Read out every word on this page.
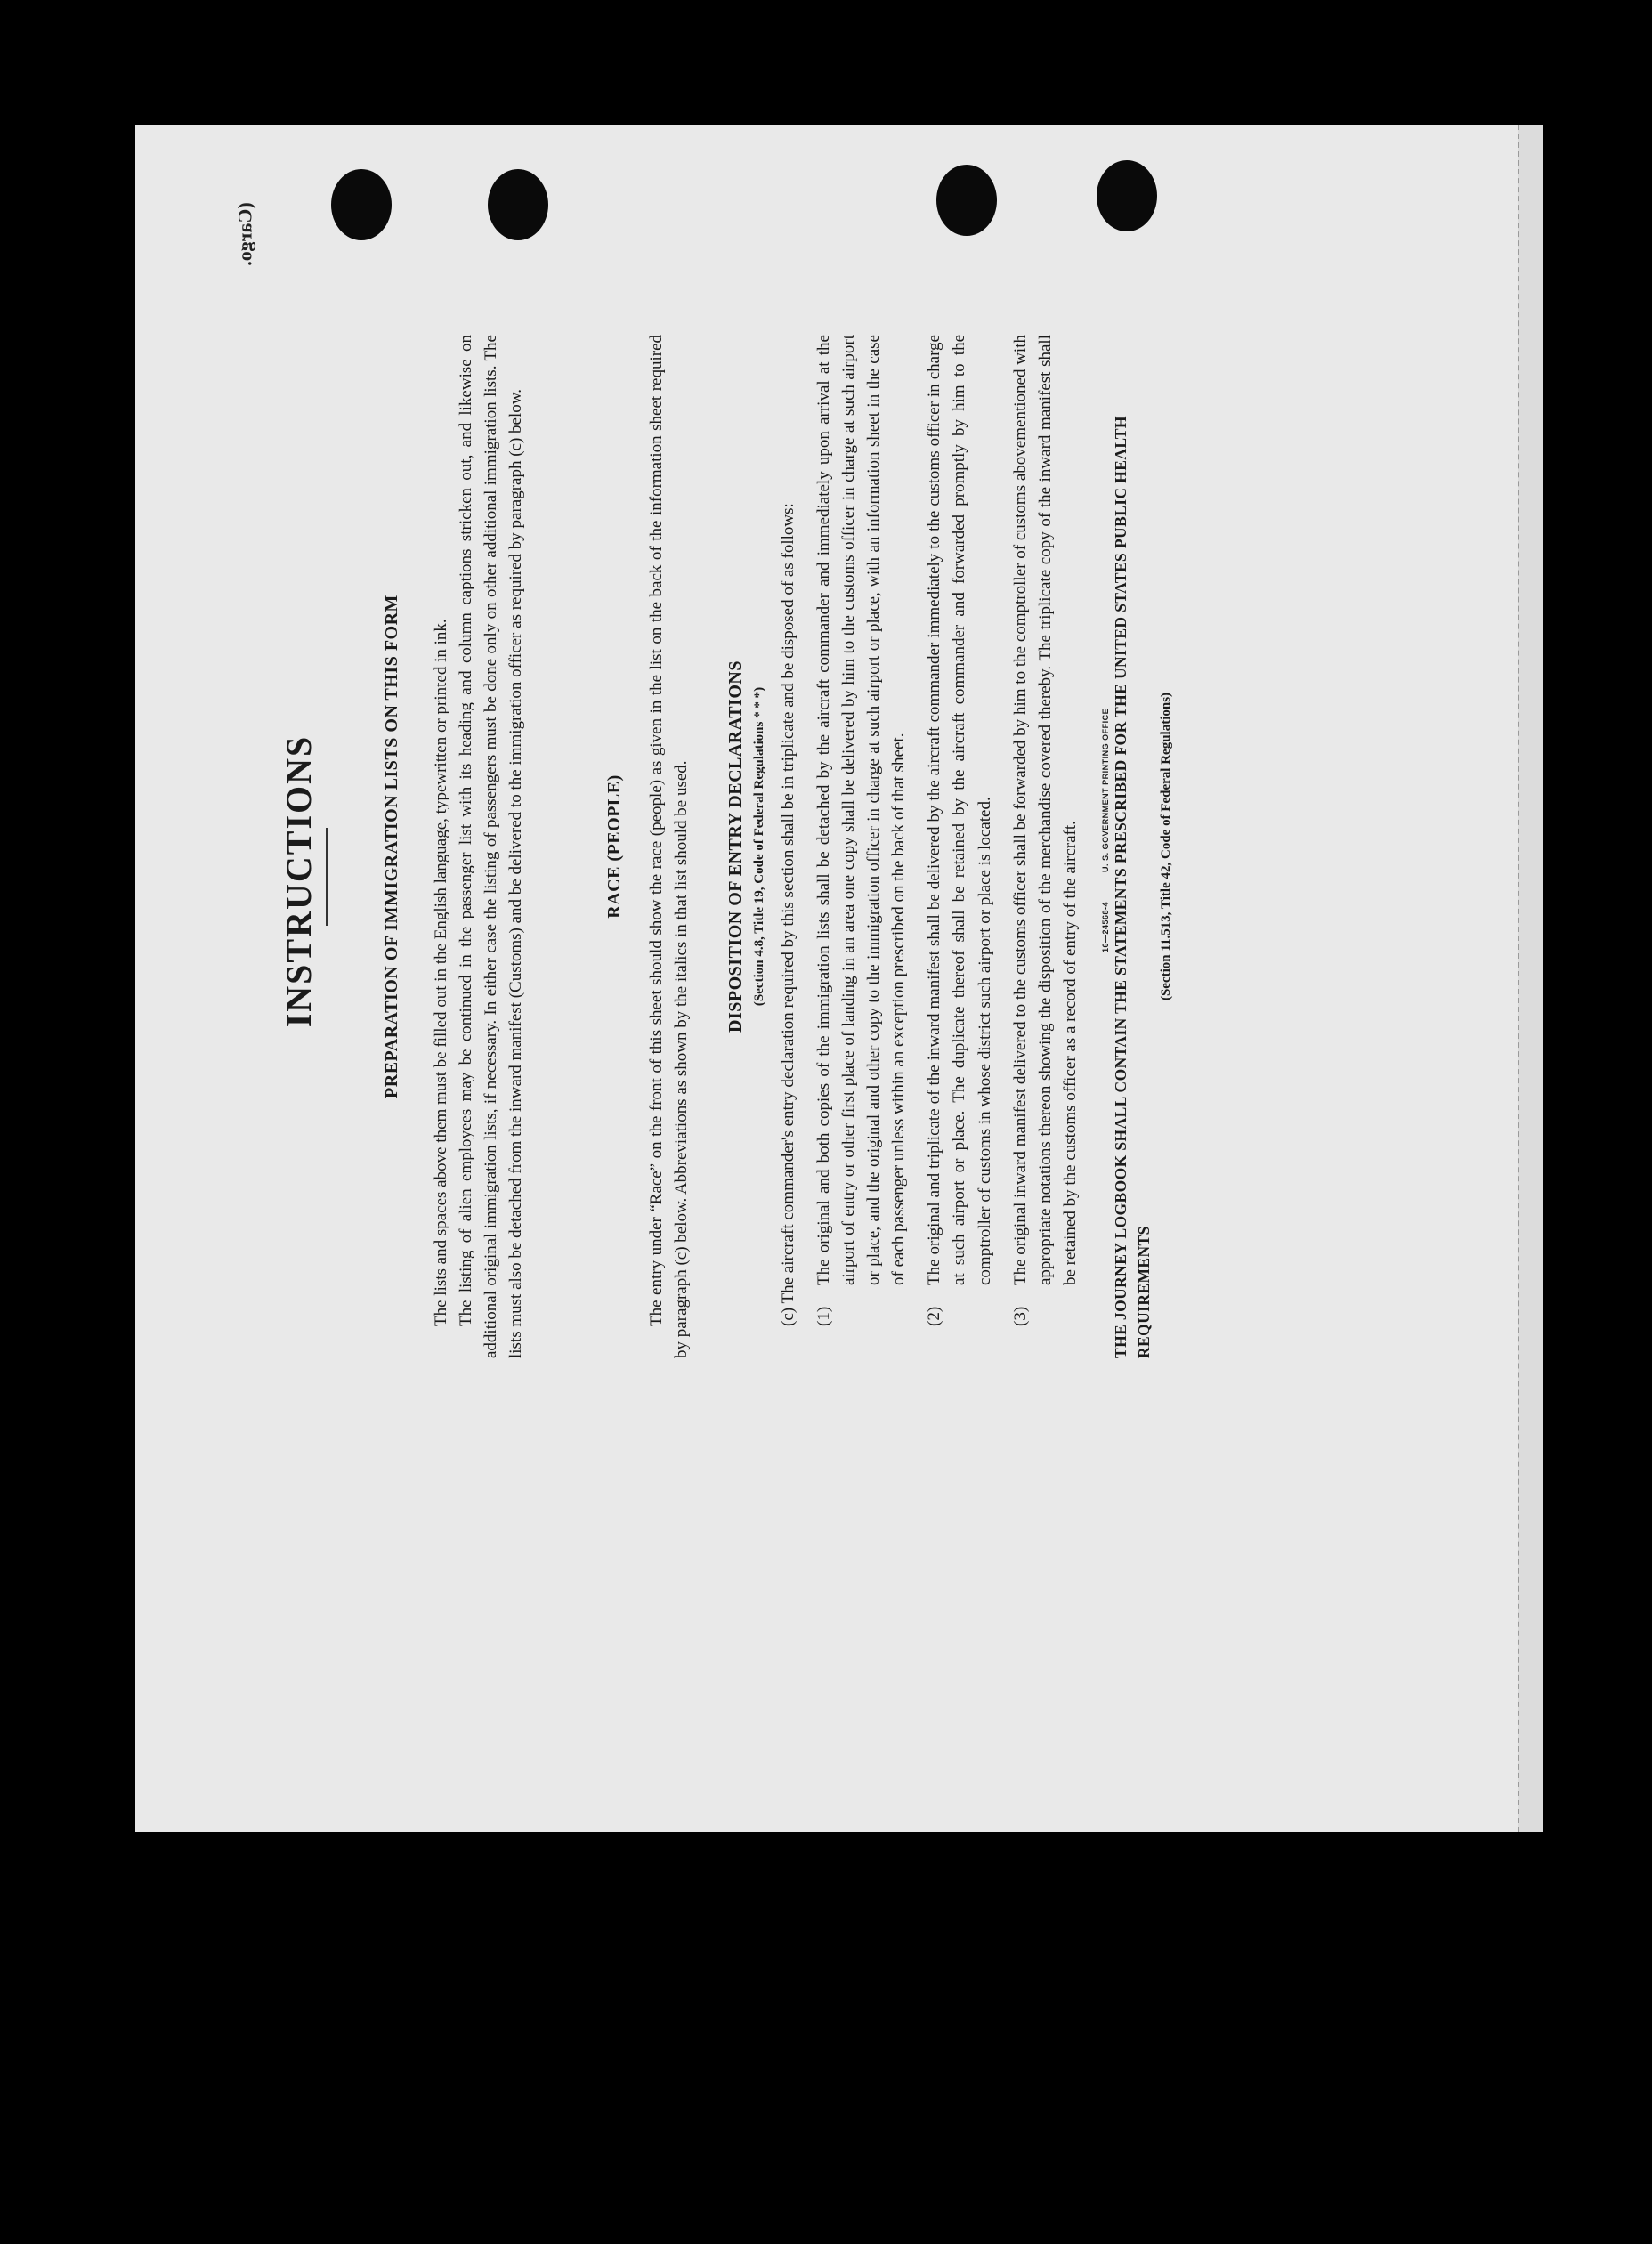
(Cargo.
INSTRUCTIONS	PREPARATION OF IMMIGRATION LISTS ON THIS FORM The lists and spaces above them must be filled out in the English language, typewritten or printed in ink. The listing of alien employees may be continued in the passenger list with its heading and column captions stricken out, and likewise on additional original immigration lists, if necessary. In either case the listing of passengers must be done only on other additional immigration lists. The lists must also be detached from the inward manifest (Customs) and be delivered to the immigration officer as required by paragraph (c) below.	RACE (PEOPLE) The entry under “Race” on the front of this sheet should show the race (people) as given in the list on the back of the information sheet required by paragraph (c) below. Abbreviations as shown by the italics in that list should be used. DISPOSITION OF ENTRY DECLARATIONS (Section 4.8, Title 19, Code of Federal Regulations * * *) (c) The aircraft commander's entry declaration required by this section shall be in triplicate and be disposed of as follows: (1)
The original and both copies of the immigration lists shall be detached by the aircraft commander and immediately upon arrival at the airport of entry or other first place of landing in an area one copy shall be delivered by him to the customs officer in charge at such airport or place, and the original and other copy to the immigration officer in charge at such airport or place, with an information sheet in the case of each passenger unless within an exception prescribed on the back of that sheet.
(2)
The original and triplicate of the inward manifest shall be delivered by the aircraft commander immediately to the customs officer in charge at such airport or place. The duplicate thereof shall be retained by the aircraft commander and forwarded promptly by him to the comptroller of customs in whose district such airport or place is located.
(3)
The original inward manifest delivered to the customs officer shall be forwarded by him to the comptroller of customs abovementioned with appropriate notations thereon showing the disposition of the merchandise covered thereby. The triplicate copy of the inward manifest shall be retained by the customs officer as a record of entry of the aircraft. THE JOURNEY LOGBOOK SHALL CONTAIN THE STATEMENTS PRESCRIBED FOR THE UNITED STATES PUBLIC HEALTH REQUIREMENTS

(Section 11.513, Title 42, Code of Federal Regulations)

16—24568-4 U. S. GOVERNMENT PRINTING OFFICE
